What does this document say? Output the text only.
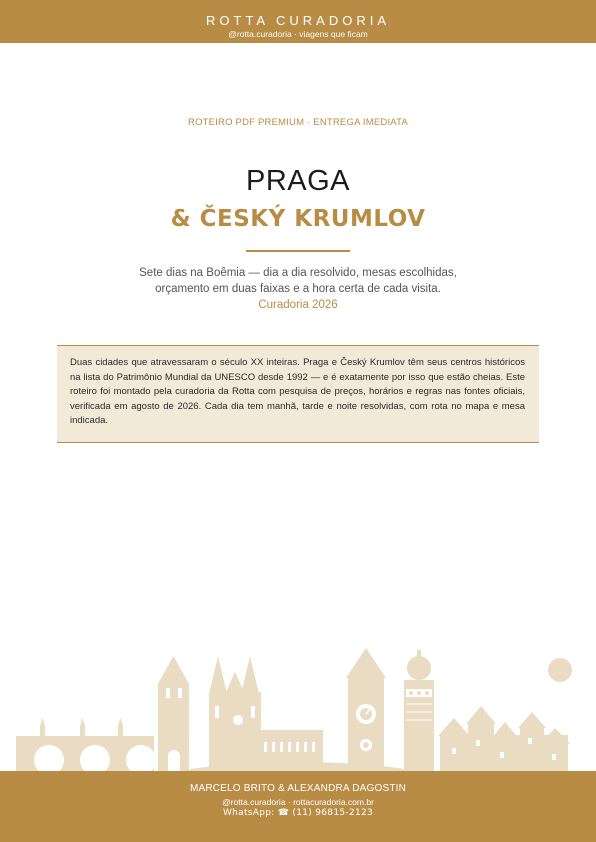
ROTTA CURADORIA
@rotta.curadoria · viagens que ficam
ROTEIRO PDF PREMIUM · ENTREGA IMEDIATA
PRAGA
& ČESKÝ KRUMLOV
Sete dias na Boêmia — dia a dia resolvido, mesas escolhidas,
orçamento em duas faixas e a hora certa de cada visita.
Curadoria 2026

Duas cidades que atravessaram o século XX inteiras. Praga e Český Krumlov têm seus centros históricos na lista do Patrimônio Mundial da UNESCO desde 1992 — e é exatamente por isso que estão cheias. Este roteiro foi montado pela curadoria da Rotta com pesquisa de preços, horários e regras nas fontes oficiais, verificada em agosto de 2026. Cada dia tem manhã, tarde e noite resolvidas, com rota no mapa e mesa indicada.

MARCELO BRITO & ALEXANDRA DAGOSTIN
@rotta.curadoria · rottacuradoria.com.br
WhatsApp: ☎ (11) 96815-2123
